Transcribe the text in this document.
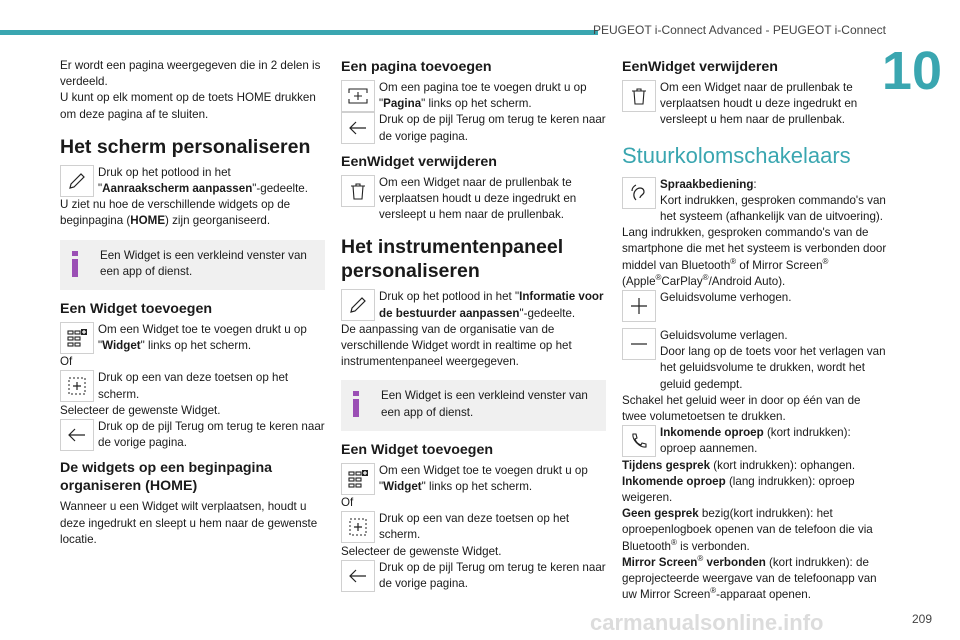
PEUGEOT i-Connect Advanced - PEUGEOT i-Connect
10

Er wordt een pagina weergegeven die in 2 delen is verdeeld.

U kunt op elk moment op de toets HOME drukken om deze pagina af te sluiten.

Het scherm personaliseren
Druk op het potlood in het "Aanraakscherm aanpassen"-gedeelte.

U ziet nu hoe de verschillende widgets op de beginpagina (HOME) zijn georganiseerd.

Een Widget is een verkleind venster van een app of dienst.
Een Widget toevoegen
Om een Widget toe te voegen drukt u op "Widget" links op het scherm.

Of

Druk op een van deze toetsen op het scherm.

Selecteer de gewenste Widget.

Druk op de pijl Terug om terug te keren naar de vorige pagina.
De widgets op een beginpagina organiseren (HOME)

Wanneer u een Widget wilt verplaatsen, houdt u deze ingedrukt en sleept u hem naar de gewenste locatie.

Een pagina toevoegen
Om een pagina toe te voegen drukt u op "Pagina" links op het scherm.
Druk op de pijl Terug om terug te keren naar de vorige pagina.
EenWidget verwijderen
Om een Widget naar de prullenbak te verplaatsen houdt u deze ingedrukt en versleept u hem naar de prullenbak.
Het instrumentenpaneel personaliseren
Druk op het potlood in het "Informatie voor de bestuurder aanpassen"-gedeelte.

De aanpassing van de organisatie van de verschillende Widget wordt in realtime op het instrumentenpaneel weergegeven.

Een Widget is een verkleind venster van een app of dienst.
Een Widget toevoegen
Om een Widget toe te voegen drukt u op "Widget" links op het scherm.

Of

Druk op een van deze toetsen op het scherm.

Selecteer de gewenste Widget.

Druk op de pijl Terug om terug te keren naar de vorige pagina.
EenWidget verwijderen
Om een Widget naar de prullenbak te verplaatsen houdt u deze ingedrukt en versleept u hem naar de prullenbak.
Stuurkolomschakelaars
Spraakbediening:
Kort indrukken, gesproken commando's van het systeem (afhankelijk van de uitvoering).

Lang indrukken, gesproken commando's van de smartphone die met het systeem is verbonden door middel van Bluetooth® of Mirror Screen® (Apple®CarPlay®/Android Auto).

Geluidsvolume verhogen.
Geluidsvolume verlagen.
Door lang op de toets voor het verlagen van het geluidsvolume te drukken, wordt het geluid gedempt.

Schakel het geluid weer in door op één van de twee volumetoetsen te drukken.

Inkomende oproep (kort indrukken): oproep aannemen.

Tijdens gesprek (kort indrukken): ophangen.

Inkomende oproep (lang indrukken): oproep weigeren.

Geen gesprek bezig(kort indrukken): het oproepenlogboek openen van de telefoon die via Bluetooth® is verbonden.

Mirror Screen® verbonden (kort indrukken): de geprojecteerde weergave van de telefoonapp van uw Mirror Screen®-apparaat openen.

carmanualsonline.info	209
